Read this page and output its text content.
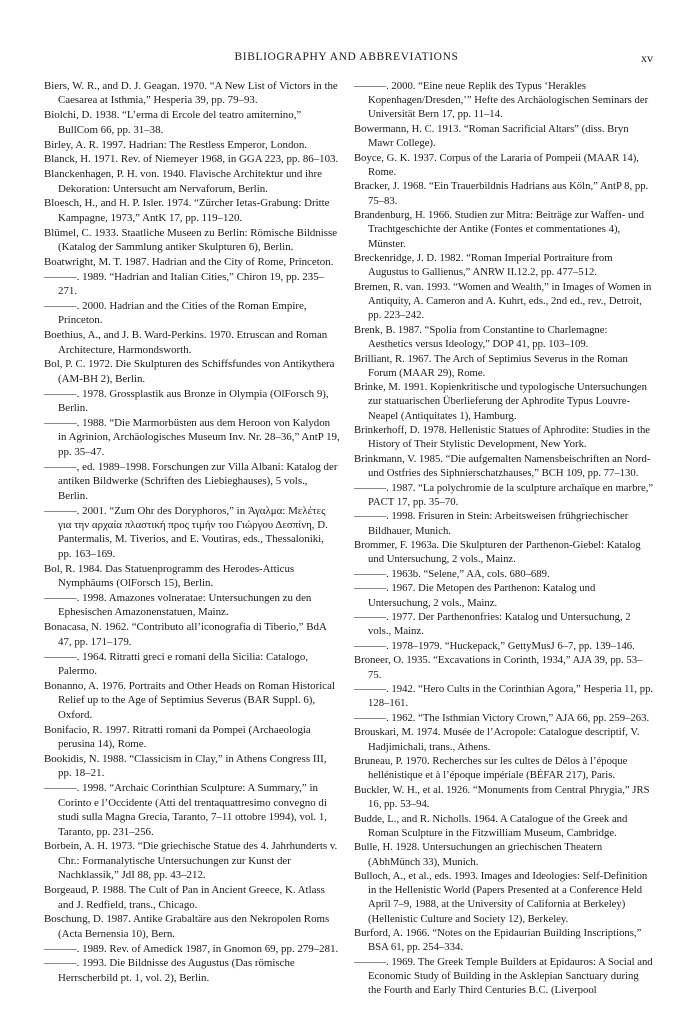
BIBLIOGRAPHY AND ABBREVIATIONS	xv

Biers, W. R., and D. J. Geagan. 1970. “A New List of Victors in the Caesarea at Isthmia,” Hesperia 39, pp. 79–93.

Biolchi, D. 1938. “L’erma di Ercole del teatro amiternino,” BullCom 66, pp. 31–38.

Birley, A. R. 1997. Hadrian: The Restless Emperor, London.

Blanck, H. 1971. Rev. of Niemeyer 1968, in GGA 223, pp. 86–103.

Blanckenhagen, P. H. von. 1940. Flavische Architektur und ihre Dekoration: Untersucht am Nervaforum, Berlin.

Bloesch, H., and H. P. Isler. 1974. “Zürcher Ietas-Grabung: Dritte Kampagne, 1973,” AntK 17, pp. 119–120.

Blümel, C. 1933. Staatliche Museen zu Berlin: Römische Bildnisse (Katalog der Sammlung antiker Skulpturen 6), Berlin.

Boatwright, M. T. 1987. Hadrian and the City of Rome, Princeton.

———. 1989. “Hadrian and Italian Cities,” Chiron 19, pp. 235–271.

———. 2000. Hadrian and the Cities of the Roman Empire, Princeton.

Boethius, A., and J. B. Ward-Perkins. 1970. Etruscan and Roman Architecture, Harmondsworth.

Bol, P. C. 1972. Die Skulpturen des Schiffsfundes von Antikythera (AM-BH 2), Berlin.

———. 1978. Grossplastik aus Bronze in Olympia (OlForsch 9), Berlin.

———. 1988. “Die Marmorbüsten aus dem Heroon von Kalydon in Agrinion, Archäologisches Museum Inv. Nr. 28–36,” AntP 19, pp. 35–47.

———, ed. 1989–1998. Forschungen zur Villa Albani: Katalog der antiken Bildwerke (Schriften des Liebieghauses), 5 vols., Berlin.

———. 2001. “Zum Ohr des Doryphoros,” in Άγαλμα: Μελέτες για την αρχαία πλαστική προς τιμήν του Γιώργου Δεσπίνη, D. Pantermalis, M. Tiverios, and E. Voutiras, eds., Thessaloniki, pp. 163–169.

Bol, R. 1984. Das Statuenprogramm des Herodes-Atticus Nymphäums (OlForsch 15), Berlin.

———. 1998. Amazones volneratae: Untersuchungen zu den Ephesischen Amazonenstatuen, Mainz.

Bonacasa, N. 1962. “Contributo all’iconografia di Tiberio,” BdA 47, pp. 171–179.

———. 1964. Ritratti greci e romani della Sicilia: Catalogo, Palermo.

Bonanno, A. 1976. Portraits and Other Heads on Roman Historical Relief up to the Age of Septimius Severus (BAR Suppl. 6), Oxford.

Bonifacio, R. 1997. Ritratti romani da Pompei (Archaeologia perusina 14), Rome.

Bookidis, N. 1988. “Classicism in Clay,” in Athens Congress III, pp. 18–21.

———. 1998. “Archaic Corinthian Sculpture: A Summary,” in Corinto e l’Occidente (Atti del trentaquattresimo convegno di studi sulla Magna Grecia, Taranto, 7–11 ottobre 1994), vol. 1, Taranto, pp. 231–256.

Borbein, A. H. 1973. “Die griechische Statue des 4. Jahrhunderts v. Chr.: Formanalytische Untersuchungen zur Kunst der Nachklassik,” JdI 88, pp. 43–212.

Borgeaud, P. 1988. The Cult of Pan in Ancient Greece, K. Atlass and J. Redfield, trans., Chicago.

Boschung, D. 1987. Antike Grabaltäre aus den Nekropolen Roms (Acta Bernensia 10), Bern.

———. 1989. Rev. of Amedick 1987, in Gnomon 69, pp. 279–281.

———. 1993. Die Bildnisse des Augustus (Das römische Herrscherbild pt. 1, vol. 2), Berlin.

———. 2000. “Eine neue Replik des Typus ‘Herakles Kopenhagen/Dresden,’” Hefte des Archäologischen Seminars der Universität Bern 17, pp. 11–14.

Bowermann, H. C. 1913. “Roman Sacrificial Altars” (diss. Bryn Mawr College).

Boyce, G. K. 1937. Corpus of the Lararia of Pompeii (MAAR 14), Rome.

Bracker, J. 1968. “Ein Trauerbildnis Hadrians aus Köln,” AntP 8, pp. 75–83.

Brandenburg, H. 1966. Studien zur Mitra: Beiträge zur Waffen- und Trachtgeschichte der Antike (Fontes et commentationes 4), Münster.

Breckenridge, J. D. 1982. “Roman Imperial Portraiture from Augustus to Gallienus,” ANRW II.12.2, pp. 477–512.

Bremen, R. van. 1993. “Women and Wealth,” in Images of Women in Antiquity, A. Cameron and A. Kuhrt, eds., 2nd ed., rev., Detroit, pp. 223–242.

Brenk, B. 1987. “Spolia from Constantine to Charlemagne: Aesthetics versus Ideology,” DOP 41, pp. 103–109.

Brilliant, R. 1967. The Arch of Septimius Severus in the Roman Forum (MAAR 29), Rome.

Brinke, M. 1991. Kopienkritische und typologische Untersuchungen zur statuarischen Überlieferung der Aphrodite Typus Louvre-Neapel (Antiquitates 1), Hamburg.

Brinkerhoff, D. 1978. Hellenistic Statues of Aphrodite: Studies in the History of Their Stylistic Development, New York.

Brinkmann, V. 1985. “Die aufgemalten Namensbeischriften an Nord- und Ostfries des Siphnierschatzhauses,” BCH 109, pp. 77–130.

———. 1987. “La polychromie de la sculpture archaïque en marbre,” PACT 17, pp. 35–70.

———. 1998. Frisuren in Stein: Arbeitsweisen frühgriechischer Bildhauer, Munich.

Brommer, F. 1963a. Die Skulpturen der Parthenon-Giebel: Katalog und Untersuchung, 2 vols., Mainz.

———. 1963b. “Selene,” AA, cols. 680–689.

———. 1967. Die Metopen des Parthenon: Katalog und Untersuchung, 2 vols., Mainz.

———. 1977. Der Parthenonfries: Katalog und Untersuchung, 2 vols., Mainz.

———. 1978–1979. “Huckepack,” GettyMusJ 6–7, pp. 139–146.

Broneer, O. 1935. “Excavations in Corinth, 1934,” AJA 39, pp. 53–75.

———. 1942. “Hero Cults in the Corinthian Agora,” Hesperia 11, pp. 128–161.

———. 1962. “The Isthmian Victory Crown,” AJA 66, pp. 259–263.

Brouskari, M. 1974. Musée de l’Acropole: Catalogue descriptif, V. Hadjimichali, trans., Athens.

Bruneau, P. 1970. Recherches sur les cultes de Délos à l’époque hellénistique et à l’époque impériale (BÉFAR 217), Paris.

Buckler, W. H., et al. 1926. “Monuments from Central Phrygia,” JRS 16, pp. 53–94.

Budde, L., and R. Nicholls. 1964. A Catalogue of the Greek and Roman Sculpture in the Fitzwilliam Museum, Cambridge.

Bulle, H. 1928. Untersuchungen an griechischen Theatern (AbhMünch 33), Munich.

Bulloch, A., et al., eds. 1993. Images and Ideologies: Self-Definition in the Hellenistic World (Papers Presented at a Conference Held April 7–9, 1988, at the University of California at Berkeley) (Hellenistic Culture and Society 12), Berkeley.

Burford, A. 1966. “Notes on the Epidaurian Building Inscriptions,” BSA 61, pp. 254–334.

———. 1969. The Greek Temple Builders at Epidauros: A Social and Economic Study of Building in the Asklepian Sanctuary during the Fourth and Early Third Centuries B.C. (Liverpool
